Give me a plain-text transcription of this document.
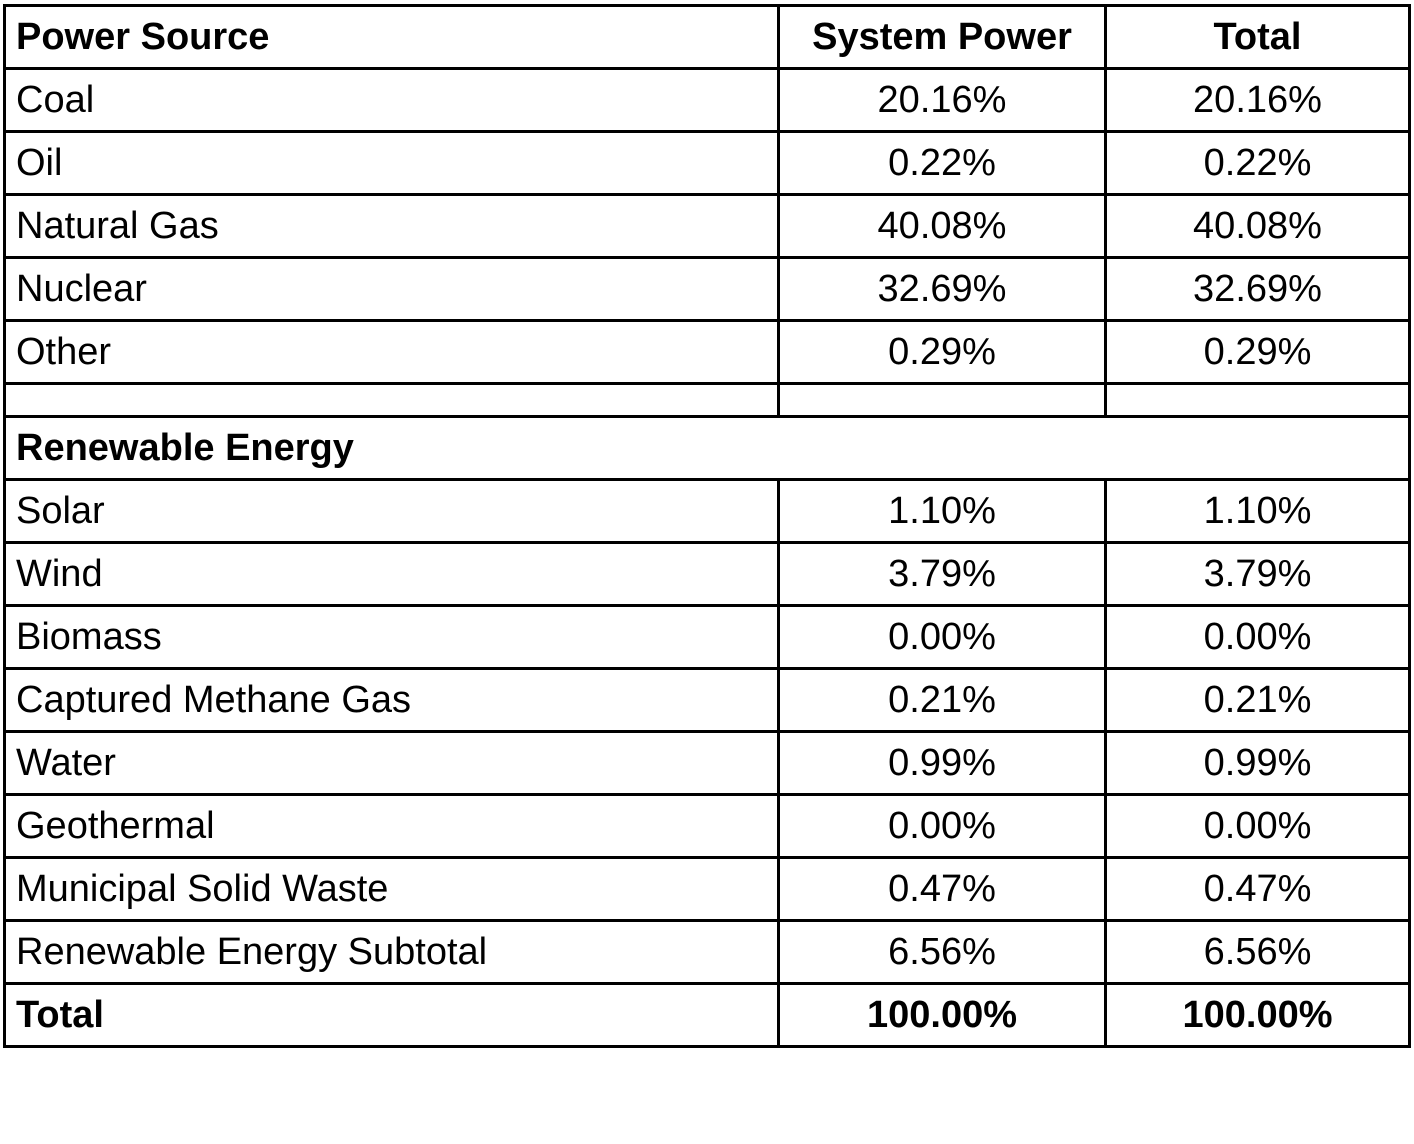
Power Source	System Power	Total
Coal	20.16%	20.16%
Oil	0.22%	0.22%
Natural Gas	40.08%	40.08%
Nuclear	32.69%	32.69%
Other	0.29%	0.29%

Renewable Energy		
Solar	1.10%	1.10%
Wind	3.79%	3.79%
Biomass	0.00%	0.00%
Captured Methane Gas	0.21%	0.21%
Water	0.99%	0.99%
Geothermal	0.00%	0.00%
Municipal Solid Waste	0.47%	0.47%
Renewable Energy Subtotal	6.56%	6.56%
Total	100.00%	100.00%
